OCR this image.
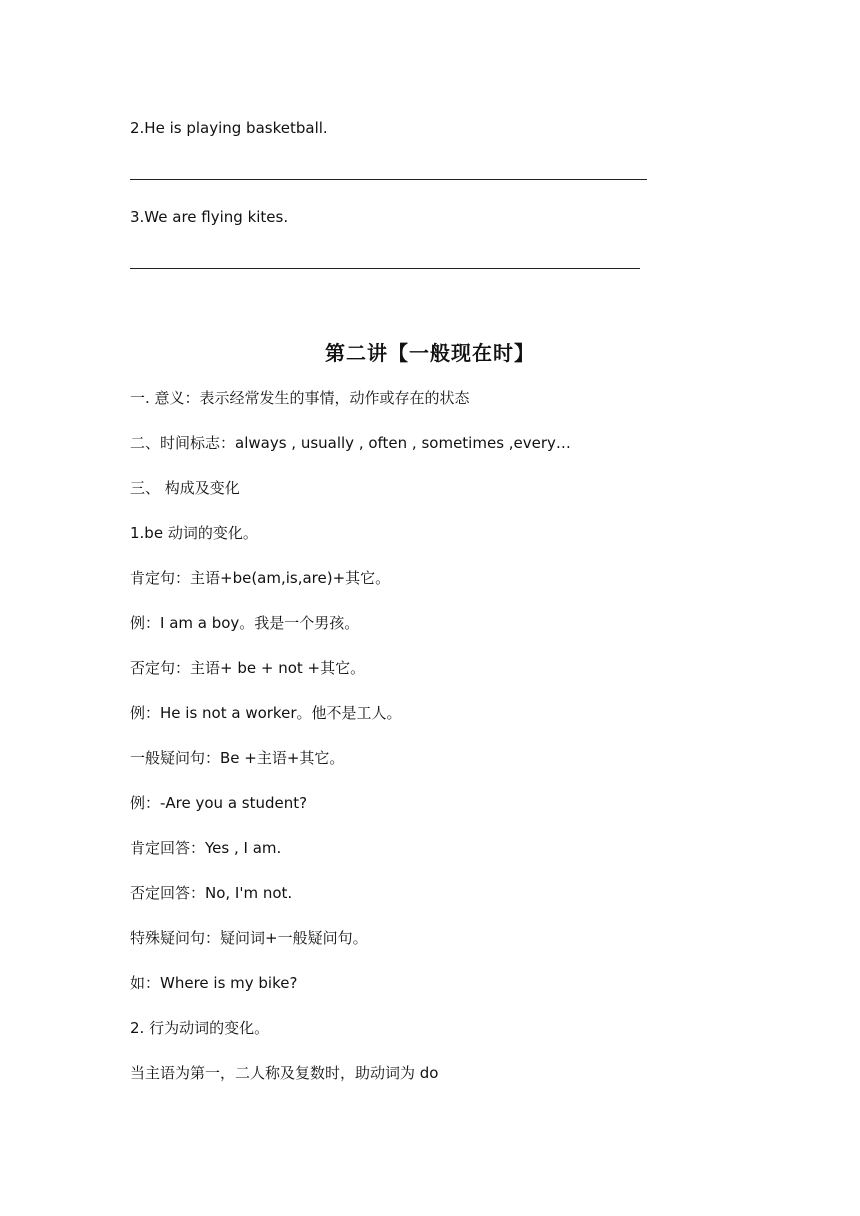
2.He is playing basketball.
3.We are flying kites.
第二讲【一般现在时】
一. 意义：表示经常发生的事情，动作或存在的状态
二、时间标志：always , usually , often , sometimes ,every…
三、 构成及变化
1.be 动词的变化。
肯定句：主语+be(am,is,are)+其它。
例：I am a boy。我是一个男孩。
否定句：主语+ be + not +其它。
例：He is not a worker。他不是工人。
一般疑问句：Be +主语+其它。
例：-Are you a student?
肯定回答：Yes , I am.
否定回答：No, I'm not.
特殊疑问句：疑问词+一般疑问句。
如：Where is my bike?
2. 行为动词的变化。
当主语为第一，二人称及复数时，助动词为 do
